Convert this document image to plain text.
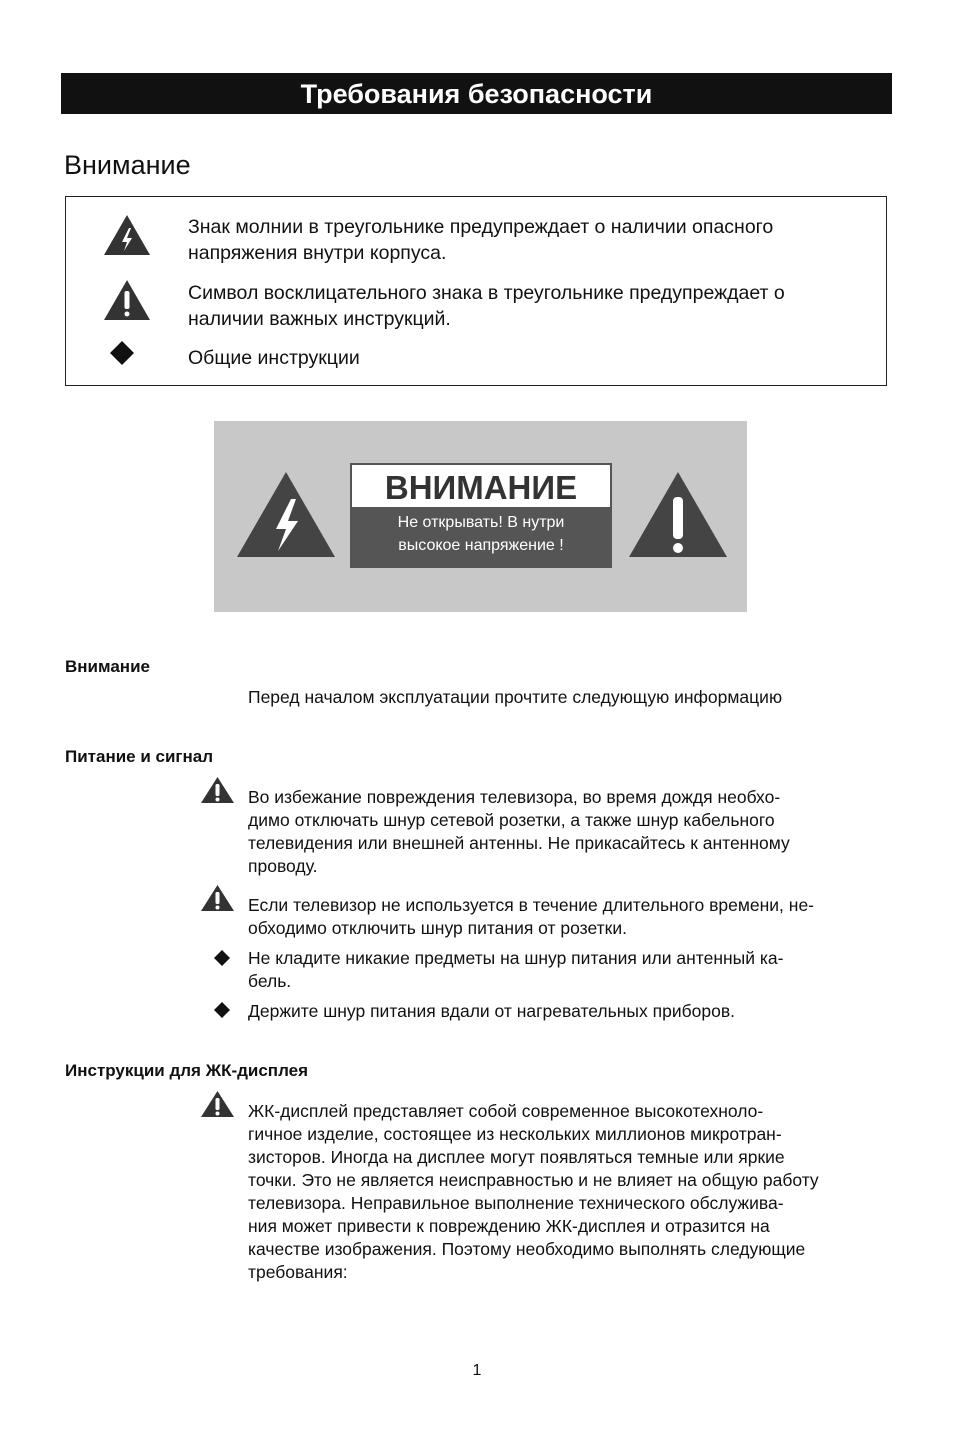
Требования безопасности
Внимание
Знак молнии в треугольнике предупреждает о наличии опасного
напряжения внутри корпуса.
Символ восклицательного знака в треугольнике предупреждает о
наличии важных инструкций.
Общие инструкции
ВНИМАНИЕ
Не открывать! В нутри
высокое напряжение !
Внимание
Перед началом эксплуатации прочтите следующую информацию
Питание и сигнал
Во избежание повреждения телевизора, во время дождя необхо-
димо отключать шнур сетевой розетки, а также шнур кабельного
телевидения или внешней антенны. Не прикасайтесь к антенному
проводу.
Если телевизор не используется в течение длительного времени, не-
обходимо отключить шнур питания от розетки.
Не кладите никакие предметы на шнур питания или антенный ка-
бель.
Держите шнур питания вдали от нагревательных приборов.
Инструкции для ЖК-дисплея
ЖК-дисплей представляет собой современное высокотехноло-
гичное изделие, состоящее из нескольких миллионов микротран-
зисторов. Иногда на дисплее могут появляться темные или яркие
точки. Это не является неисправностью и не влияет на общую работу
телевизора. Неправильное выполнение технического обслужива-
ния может привести к повреждению ЖК-дисплея и отразится на
качестве изображения. Поэтому необходимо выполнять следующие
требования:
1
